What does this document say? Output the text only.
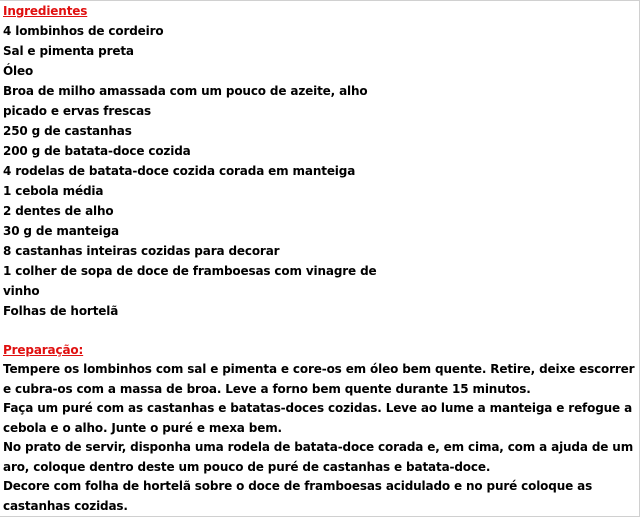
Ingredientes
4 lombinhos de cordeiro
Sal e pimenta preta
Óleo
Broa de milho amassada com um pouco de azeite, alho
picado e ervas frescas
250 g de castanhas
200 g de batata-doce cozida
4 rodelas de batata-doce cozida corada em manteiga
1 cebola média
2 dentes de alho
30 g de manteiga
8 castanhas inteiras cozidas para decorar
1 colher de sopa de doce de framboesas com vinagre de
vinho
Folhas de hortelã
Preparação:
Tempere os lombinhos com sal e pimenta e core-os em óleo bem quente. Retire, deixe escorrer e cubra-os com a massa de broa. Leve a forno bem quente durante 15 minutos.
Faça um puré com as castanhas e batatas-doces cozidas. Leve ao lume a manteiga e refogue a cebola e o alho. Junte o puré e mexa bem.
No prato de servir, disponha uma rodela de batata-doce corada e, em cima, com a ajuda de um aro, coloque dentro deste um pouco de puré de castanhas e batata-doce.
Decore com folha de hortelã sobre o doce de framboesas acidulado e no puré coloque as castanhas cozidas.
